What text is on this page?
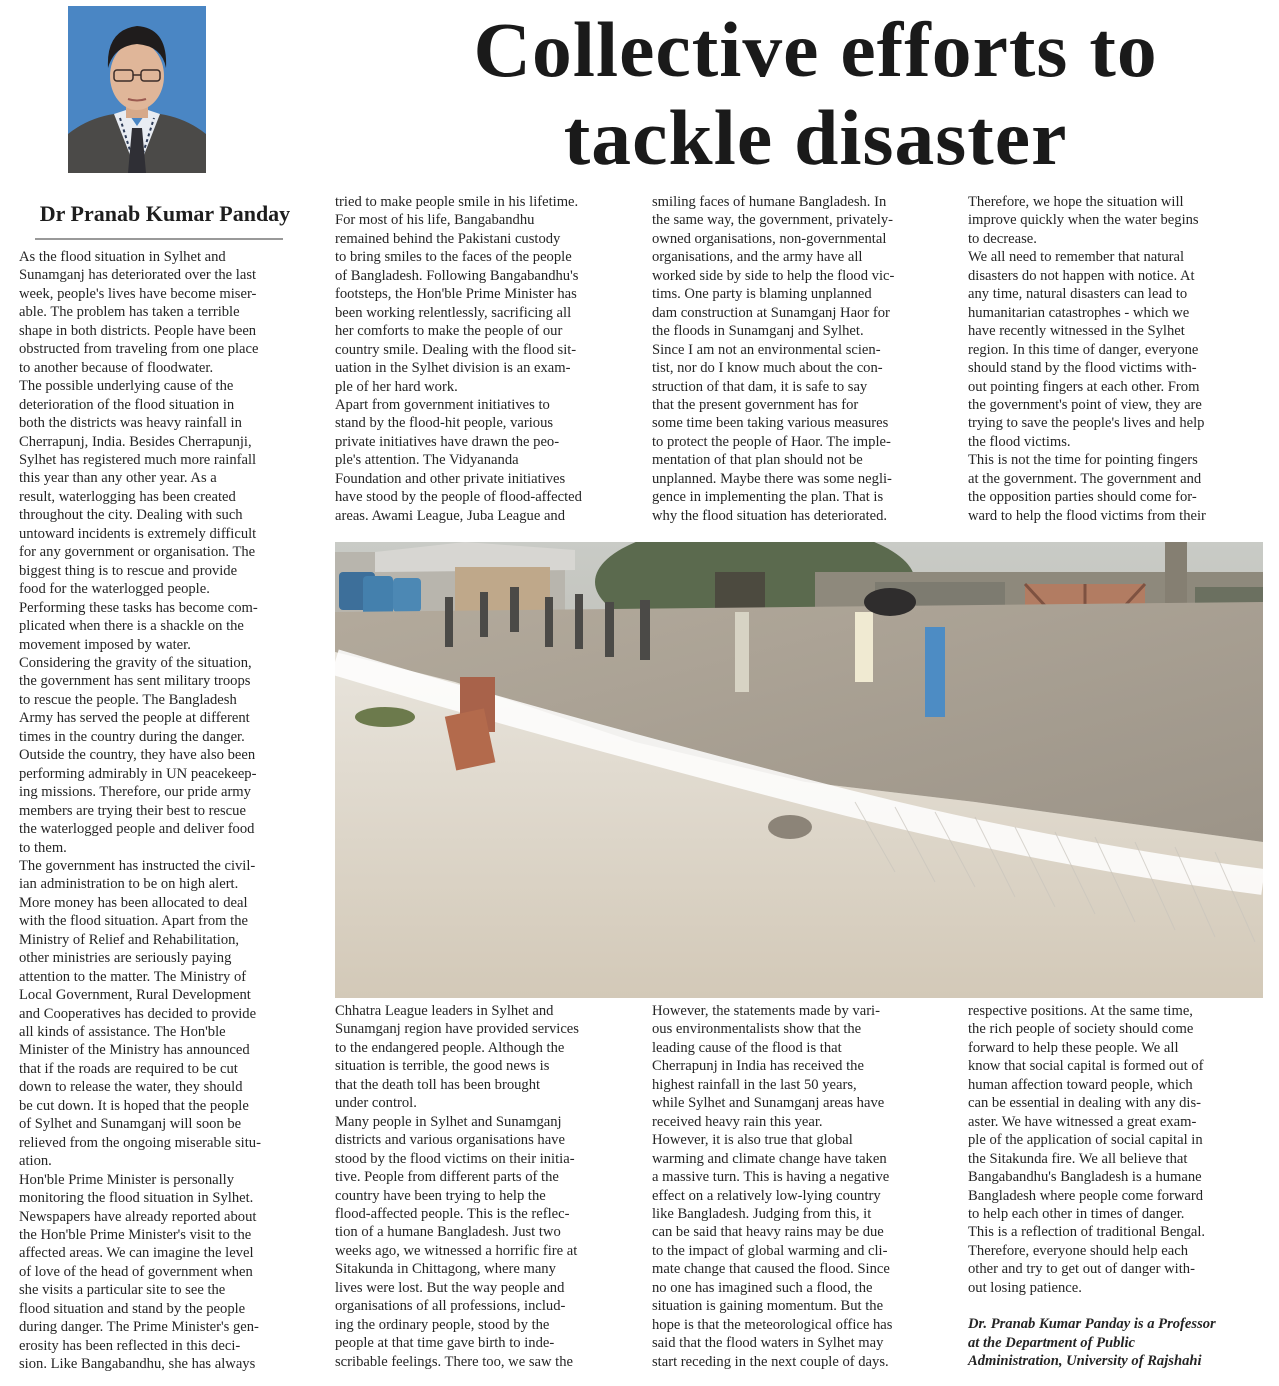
Collective efforts to
tackle disaster
Dr Pranab Kumar Panday

As the flood situation in Sylhet and

Sunamganj has deteriorated over the last

week, people's lives have become miser-

able. The problem has taken a terrible

shape in both districts. People have been

obstructed from traveling from one place

to another because of floodwater.

The possible underlying cause of the

deterioration of the flood situation in

both the districts was heavy rainfall in

Cherrapunj, India. Besides Cherrapunji,

Sylhet has registered much more rainfall

this year than any other year. As a

result, waterlogging has been created

throughout the city. Dealing with such

untoward incidents is extremely difficult

for any government or organisation. The

biggest thing is to rescue and provide

food for the waterlogged people.

Performing these tasks has become com-

plicated when there is a shackle on the

movement imposed by water.

Considering the gravity of the situation,

the government has sent military troops

to rescue the people. The Bangladesh

Army has served the people at different

times in the country during the danger.

Outside the country, they have also been

performing admirably in UN peacekeep-

ing missions. Therefore, our pride army

members are trying their best to rescue

the waterlogged people and deliver food

to them.

The government has instructed the civil-

ian administration to be on high alert.

More money has been allocated to deal

with the flood situation. Apart from the

Ministry of Relief and Rehabilitation,

other ministries are seriously paying

attention to the matter. The Ministry of

Local Government, Rural Development

and Cooperatives has decided to provide

all kinds of assistance. The Hon'ble

Minister of the Ministry has announced

that if the roads are required to be cut

down to release the water, they should

be cut down. It is hoped that the people

of Sylhet and Sunamganj will soon be

relieved from the ongoing miserable situ-

ation.

Hon'ble Prime Minister is personally

monitoring the flood situation in Sylhet.

Newspapers have already reported about

the Hon'ble Prime Minister's visit to the

affected areas. We can imagine the level

of love of the head of government when

she visits a particular site to see the

flood situation and stand by the people

during danger. The Prime Minister's gen-

erosity has been reflected in this deci-

sion. Like Bangabandhu, she has always

tried to make people smile in his lifetime.

For most of his life, Bangabandhu

remained behind the Pakistani custody

to bring smiles to the faces of the people

of Bangladesh. Following Bangabandhu's

footsteps, the Hon'ble Prime Minister has

been working relentlessly, sacrificing all

her comforts to make the people of our

country smile. Dealing with the flood sit-

uation in the Sylhet division is an exam-

ple of her hard work.

Apart from government initiatives to

stand by the flood-hit people, various

private initiatives have drawn the peo-

ple's attention. The Vidyananda

Foundation and other private initiatives

have stood by the people of flood-affected

areas. Awami League, Juba League and

smiling faces of humane Bangladesh. In

the same way, the government, privately-

owned organisations, non-governmental

organisations, and the army have all

worked side by side to help the flood vic-

tims. One party is blaming unplanned

dam construction at Sunamganj Haor for

the floods in Sunamganj and Sylhet.

Since I am not an environmental scien-

tist, nor do I know much about the con-

struction of that dam, it is safe to say

that the present government has for

some time been taking various measures

to protect the people of Haor. The imple-

mentation of that plan should not be

unplanned. Maybe there was some negli-

gence in implementing the plan. That is

why the flood situation has deteriorated.

Therefore, we hope the situation will

improve quickly when the water begins

to decrease.

We all need to remember that natural

disasters do not happen with notice. At

any time, natural disasters can lead to

humanitarian catastrophes - which we

have recently witnessed in the Sylhet

region. In this time of danger, everyone

should stand by the flood victims with-

out pointing fingers at each other. From

the government's point of view, they are

trying to save the people's lives and help

the flood victims.

This is not the time for pointing fingers

at the government. The government and

the opposition parties should come for-

ward to help the flood victims from their

Chhatra League leaders in Sylhet and

Sunamganj region have provided services

to the endangered people. Although the

situation is terrible, the good news is

that the death toll has been brought

under control.

Many people in Sylhet and Sunamganj

districts and various organisations have

stood by the flood victims on their initia-

tive. People from different parts of the

country have been trying to help the

flood-affected people. This is the reflec-

tion of a humane Bangladesh. Just two

weeks ago, we witnessed a horrific fire at

Sitakunda in Chittagong, where many

lives were lost. But the way people and

organisations of all professions, includ-

ing the ordinary people, stood by the

people at that time gave birth to inde-

scribable feelings. There too, we saw the

However, the statements made by vari-

ous environmentalists show that the

leading cause of the flood is that

Cherrapunj in India has received the

highest rainfall in the last 50 years,

while Sylhet and Sunamganj areas have

received heavy rain this year.

However, it is also true that global

warming and climate change have taken

a massive turn. This is having a negative

effect on a relatively low-lying country

like Bangladesh. Judging from this, it

can be said that heavy rains may be due

to the impact of global warming and cli-

mate change that caused the flood. Since

no one has imagined such a flood, the

situation is gaining momentum. But the

hope is that the meteorological office has

said that the flood waters in Sylhet may

start receding in the next couple of days.

respective positions. At the same time,

the rich people of society should come

forward to help these people. We all

know that social capital is formed out of

human affection toward people, which

can be essential in dealing with any dis-

aster. We have witnessed a great exam-

ple of the application of social capital in

the Sitakunda fire. We all believe that

Bangabandhu's Bangladesh is a humane

Bangladesh where people come forward

to help each other in times of danger.

This is a reflection of traditional Bengal.

Therefore, everyone should help each

other and try to get out of danger with-

out losing patience.

Dr. Pranab Kumar Panday is a Professor

at the Department of Public

Administration, University of Rajshahi
